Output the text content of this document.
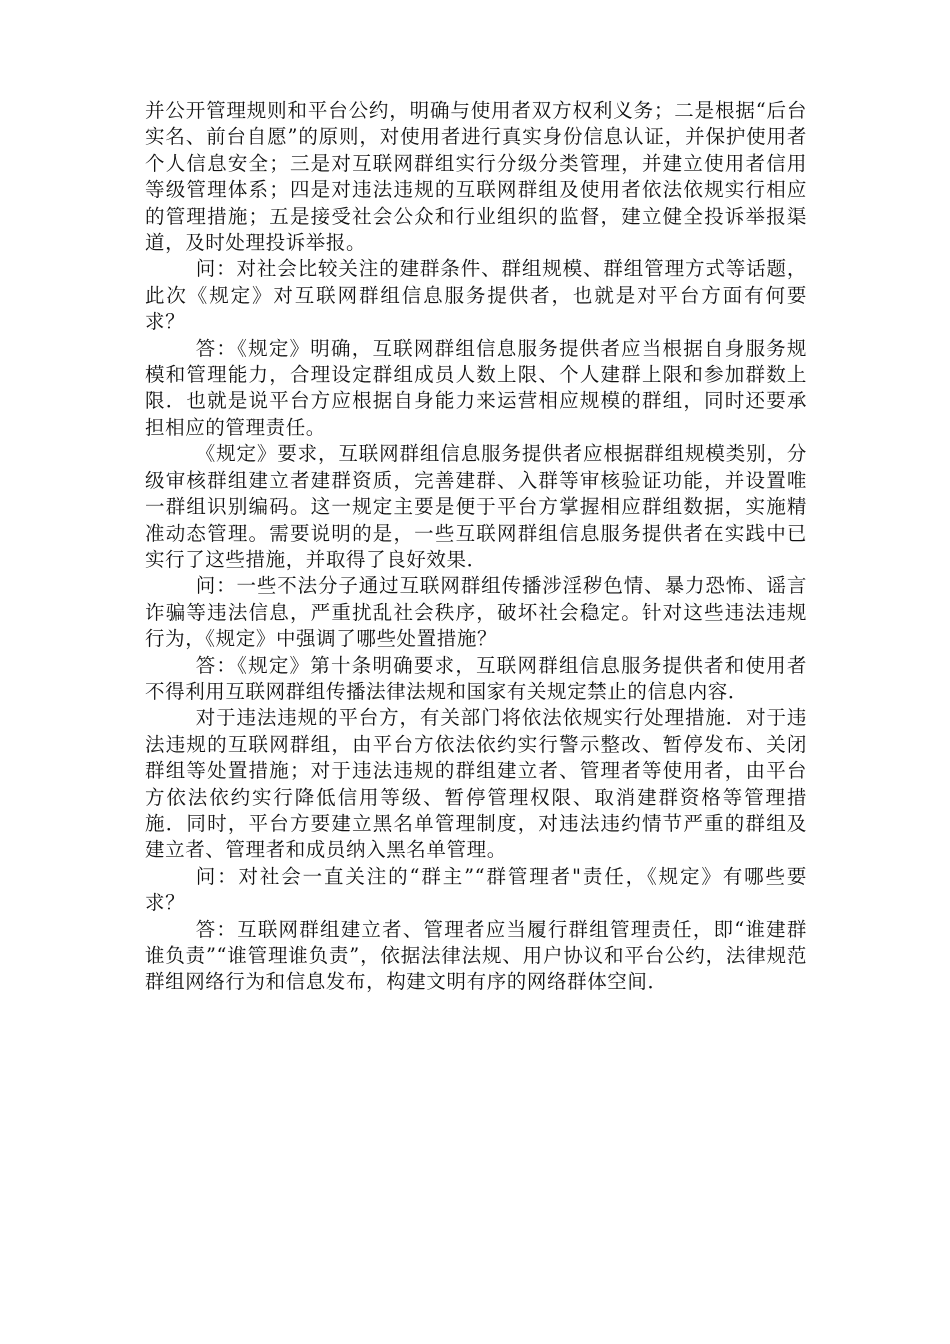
并公开管理规则和平台公约，明确与使用者双方权利义务；二是根据“后台实名、前台自愿”的原则，对使用者进行真实身份信息认证，并保护使用者个人信息安全；三是对互联网群组实行分级分类管理，并建立使用者信用等级管理体系；四是对违法违规的互联网群组及使用者依法依规实行相应的管理措施；五是接受社会公众和行业组织的监督，建立健全投诉举报渠道，及时处理投诉举报。

问：对社会比较关注的建群条件、群组规模、群组管理方式等话题，此次《规定》对互联网群组信息服务提供者，也就是对平台方面有何要求？

答：《规定》明确，互联网群组信息服务提供者应当根据自身服务规模和管理能力，合理设定群组成员人数上限、个人建群上限和参加群数上限．也就是说平台方应根据自身能力来运营相应规模的群组，同时还要承担相应的管理责任。

《规定》要求，互联网群组信息服务提供者应根据群组规模类别，分级审核群组建立者建群资质，完善建群、入群等审核验证功能，并设置唯一群组识别编码。这一规定主要是便于平台方掌握相应群组数据，实施精准动态管理。需要说明的是，一些互联网群组信息服务提供者在实践中已实行了这些措施，并取得了良好效果．

问：一些不法分子通过互联网群组传播涉淫秽色情、暴力恐怖、谣言诈骗等违法信息，严重扰乱社会秩序，破坏社会稳定。针对这些违法违规行为，《规定》中强调了哪些处置措施？

答：《规定》第十条明确要求，互联网群组信息服务提供者和使用者不得利用互联网群组传播法律法规和国家有关规定禁止的信息内容．

对于违法违规的平台方，有关部门将依法依规实行处理措施．对于违法违规的互联网群组，由平台方依法依约实行警示整改、暂停发布、关闭群组等处置措施；对于违法违规的群组建立者、管理者等使用者，由平台方依法依约实行降低信用等级、暂停管理权限、取消建群资格等管理措施．同时，平台方要建立黑名单管理制度，对违法违约情节严重的群组及建立者、管理者和成员纳入黑名单管理。

问：对社会一直关注的“群主”“群管理者"责任，《规定》有哪些要求？

答：互联网群组建立者、管理者应当履行群组管理责任，即“谁建群谁负责”“谁管理谁负责”，依据法律法规、用户协议和平台公约，法律规范群组网络行为和信息发布，构建文明有序的网络群体空间．
